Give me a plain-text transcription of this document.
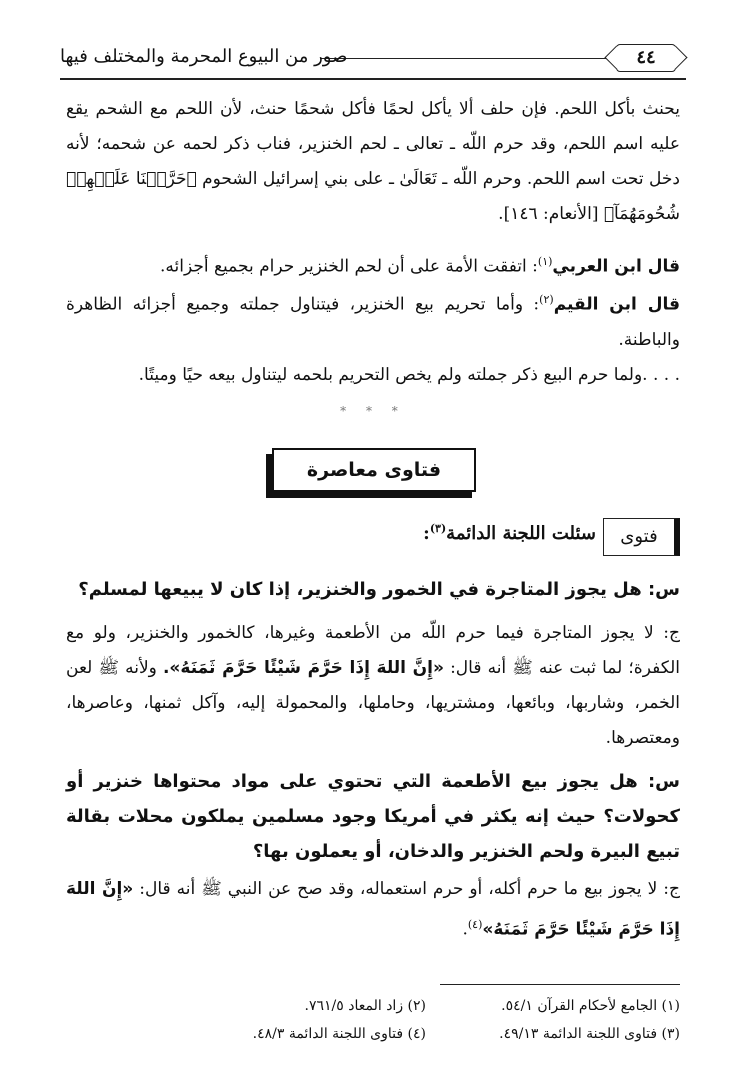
٤٤
صور من البيوع المحرمة والمختلف فيها

يحنث بأكل اللحم. فإن حلف ألا يأكل لحمًا فأكل شحمًا حنث، لأن اللحم مع الشحم يقع عليه اسم اللحم، وقد حرم اللّه ـ تعالى ـ لحم الخنزير، فناب ذكر لحمه عن شحمه؛ لأنه دخل تحت اسم اللحم. وحرم اللّه ـ تَعَالَىٰ ـ على بني إسرائيل الشحوم ﴿حَرَّمۡنَا عَلَيۡهِمۡ شُحُومَهُمَآ﴾ [الأنعام: ١٤٦].

قال ابن العربي$^{(١)}$: اتفقت الأمة على أن لحم الخنزير حرام بجميع أجزائه.

قال ابن القيم$^{(٢)}$: وأما تحريم بيع الخنزير، فيتناول جملته وجميع أجزائه الظاهرة والباطنة.

. . . .ولما حرم البيع ذكر جملته ولم يخص التحريم بلحمه ليتناول بيعه حيًا وميتًا.

* * *
فتاوى معاصرة
فتوى
سئلت اللجنة الدائمة$^{(٣)}$:

س: هل يجوز المتاجرة في الخمور والخنزير، إذا كان لا يبيعها لمسلم؟

ج: لا يجوز المتاجرة فيما حرم اللّه من الأطعمة وغيرها، كالخمور والخنزير، ولو مع الكفرة؛ لما ثبت عنه ﷺ أنه قال: «إِنَّ اللهَ إِذَا حَرَّمَ شَيْئًا حَرَّمَ ثَمَنَهُ». ولأنه ﷺ لعن الخمر، وشاربها، وبائعها، ومشتريها، وحاملها، والمحمولة إليه، وآكل ثمنها، وعاصرها، ومعتصرها.

س: هل يجوز بيع الأطعمة التي تحتوي على مواد محتواها خنزير أو كحولات؟ حيث إنه يكثر في أمريكا وجود مسلمين يملكون محلات بقالة تبيع البيرة ولحم الخنزير والدخان، أو يعملون بها؟

ج: لا يجوز بيع ما حرم أكله، أو حرم استعماله، وقد صح عن النبي ﷺ أنه قال: «إِنَّ اللهَ إِذَا حَرَّمَ شَيْئًا حَرَّمَ ثَمَنَهُ»$^{(٤)}$.

(١) الجامع لأحكام القرآن ٥٤/١.
(٢) زاد المعاد ٧٦١/٥.
(٣) فتاوى اللجنة الدائمة ٤٩/١٣.
(٤) فتاوى اللجنة الدائمة ٤٨/٣.
